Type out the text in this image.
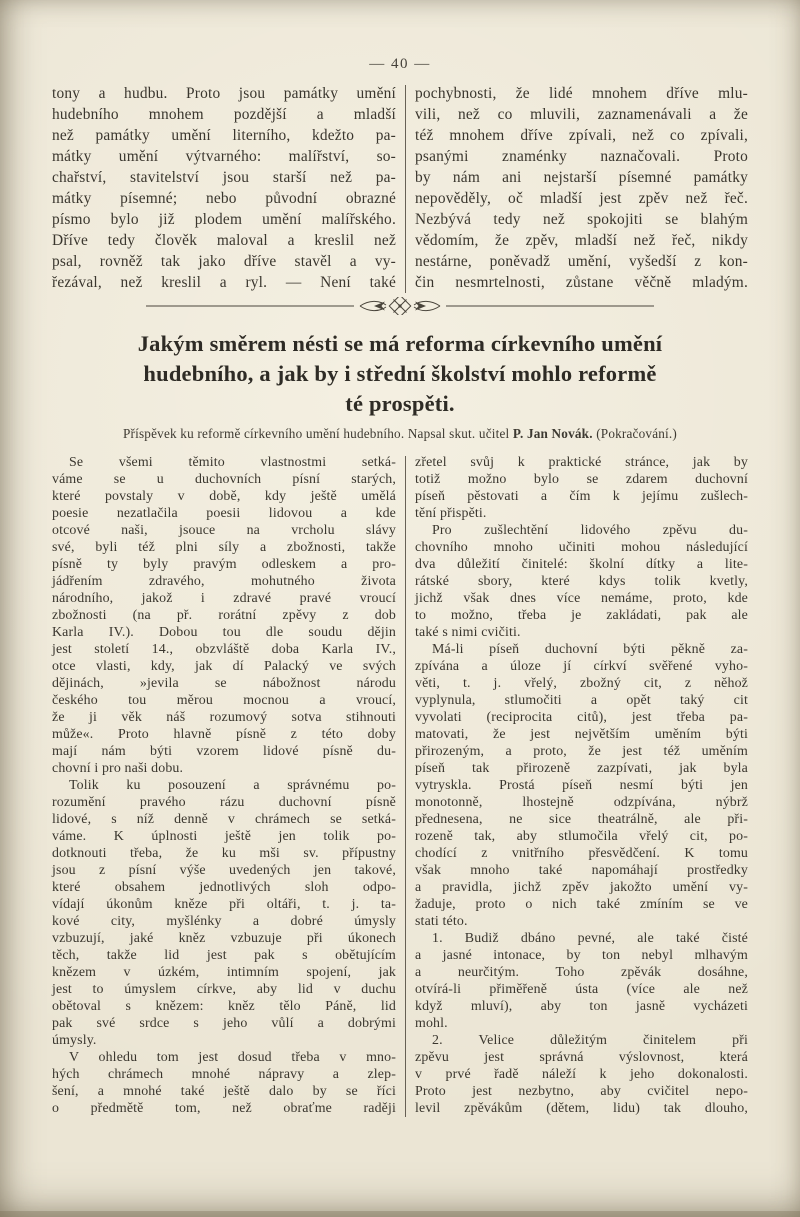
— 40 —
tony a hudbu. Proto jsou památky umění
hudebního mnohem pozdější a mladší
než památky umění literního, kdežto pa-
mátky umění výtvarného: malířství, so-
chařství, stavitelství jsou starší než pa-
mátky písemné; nebo původní obrazné
písmo bylo již plodem umění malířského.
Dříve tedy člověk maloval a kreslil než
psal, rovněž tak jako dříve stavěl a vy-
řezával, než kreslil a ryl. — Není také
pochybnosti, že lidé mnohem dříve mlu-
vili, než co mluvili, zaznamenávali a že
též mnohem dříve zpívali, než co zpívali,
psanými znaménky naznačovali. Proto
by nám ani nejstarší písemné památky
nepověděly, oč mladší jest zpěv než řeč.
Nezbývá tedy než spokojiti se blahým
vědomím, že zpěv, mladší než řeč, nikdy
nestárne, poněvadž umění, vyšedší z kon-
čin nesmrtelnosti, zůstane věčně mladým.
Jakým směrem nésti se má reforma církevního umění
hudebního, a jak by i střední školství mohlo reformě
té prospěti.
Příspěvek ku reformě církevního umění hudebního. Napsal skut. učitel P. Jan Novák. (Pokračování.)
Se všemi těmito vlastnostmi setká-
váme se u duchovních písní starých,
které povstaly v době, kdy ještě umělá
poesie nezatlačila poesii lidovou a kde
otcové naši, jsouce na vrcholu slávy
své, byli též plni síly a zbožnosti, takže
písně ty byly pravým odleskem a pro-
jádřením zdravého, mohutného života
národního, jakož i zdravé pravé vroucí
zbožnosti (na př. rorátní zpěvy z dob
Karla IV.). Dobou tou dle soudu dějin
jest století 14., obzvláště doba Karla IV.,
otce vlasti, kdy, jak dí Palacký ve svých
dějinách, »jevila se nábožnost národu
českého tou měrou mocnou a vroucí,
že ji věk náš rozumový sotva stihnouti
může«. Proto hlavně písně z této doby
mají nám býti vzorem lidové písně du-
chovní i pro naši dobu.
Tolik ku posouzení a správnému po-
rozumění pravého rázu duchovní písně
lidové, s níž denně v chrámech se setká-
váme. K úplnosti ještě jen tolik po-
dotknouti třeba, že ku mši sv. přípustny
jsou z písní výše uvedených jen takové,
které obsahem jednotlivých sloh odpo-
vídají úkonům kněze při oltáři, t. j. ta-
kové city, myšlénky a dobré úmysly
vzbuzují, jaké kněz vzbuzuje při úkonech
těch, takže lid jest pak s obětujícím
knězem v úzkém, intimním spojení, jak
jest to úmyslem církve, aby lid v duchu
obětoval s knězem: kněz tělo Páně, lid
pak své srdce s jeho vůlí a dobrými
úmysly.
V ohledu tom jest dosud třeba v mno-
hých chrámech mnohé nápravy a zlep-
šení, a mnohé také ještě dalo by se říci
o předmětě tom, než obraťme raději
zřetel svůj k praktické stránce, jak by
totiž možno bylo se zdarem duchovní
píseň pěstovati a čím k jejímu zušlech-
tění přispěti.
Pro zušlechtění lidového zpěvu du-
chovního mnoho učiniti mohou následující
dva důležití činitelé: školní dítky a lite-
rátské sbory, které kdys tolik kvetly,
jichž však dnes více nemáme, proto, kde
to možno, třeba je zakládati, pak ale
také s nimi cvičiti.
Má-li píseň duchovní býti pěkně za-
zpívána a úloze jí církví svěřené vyho-
věti, t. j. vřelý, zbožný cit, z něhož
vyplynula, stlumočiti a opět taký cit
vyvolati (reciprocita citů), jest třeba pa-
matovati, že jest největším uměním býti
přirozeným, a proto, že jest též uměním
píseň tak přirozeně zazpívati, jak byla
vytryskla. Prostá píseň nesmí býti jen
monotonně, lhostejně odzpívána, nýbrž
přednesena, ne sice theatrálně, ale při-
rozeně tak, aby stlumočila vřelý cit, po-
chodící z vnitřního přesvědčení. K tomu
však mnoho také napomáhají prostředky
a pravidla, jichž zpěv jakožto umění vy-
žaduje, proto o nich také zmíním se ve
stati této.
1. Budiž dbáno pevné, ale také čisté
a jasné intonace, by ton nebyl mlhavým
a neurčitým. Toho zpěvák dosáhne,
otvírá-li přiměřeně ústa (více ale než
když mluví), aby ton jasně vycházeti
mohl.
2. Velice důležitým činitelem při
zpěvu jest správná výslovnost, která
v prvé řadě náleží k jeho dokonalosti.
Proto jest nezbytno, aby cvičitel nepo-
levil zpěvákům (dětem, lidu) tak dlouho,
